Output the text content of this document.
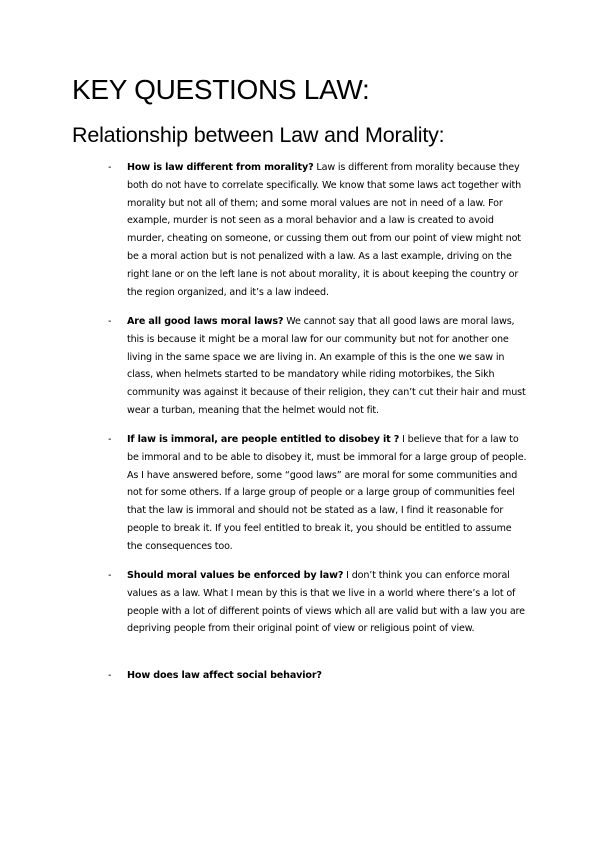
KEY QUESTIONS LAW:
Relationship between Law and Morality:
-	How is law different from morality? Law is different from morality because they both do not have to correlate specifically. We know that some laws act together with morality but not all of them; and some moral values are not in need of a law. For example, murder is not seen as a moral behavior and a law is created to avoid murder, cheating on someone, or cussing them out from our point of view might not be a moral action but is not penalized with a law. As a last example, driving on the right lane or on the left lane is not about morality, it is about keeping the country or the region organized, and it’s a law indeed.
-	Are all good laws moral laws? We cannot say that all good laws are moral laws, this is because it might be a moral law for our community but not for another one living in the same space we are living in. An example of this is the one we saw in class, when helmets started to be mandatory while riding motorbikes, the Sikh community was against it because of their religion, they can’t cut their hair and must wear a turban, meaning that the helmet would not fit.
-	If law is immoral, are people entitled to disobey it ? I believe that for a law to be immoral and to be able to disobey it, must be immoral for a large group of people. As I have answered before, some “good laws” are moral for some communities and not for some others. If a large group of people or a large group of communities feel that the law is immoral and should not be stated as a law, I find it reasonable for people to break it. If you feel entitled to break it, you should be entitled to assume the consequences too.
-	Should moral values be enforced by law? I don’t think you can enforce moral values as a law. What I mean by this is that we live in a world where there’s a lot of people with a lot of different points of views which all are valid but with a law you are depriving people from their original point of view or religious point of view.
-	How does law affect social behavior?
